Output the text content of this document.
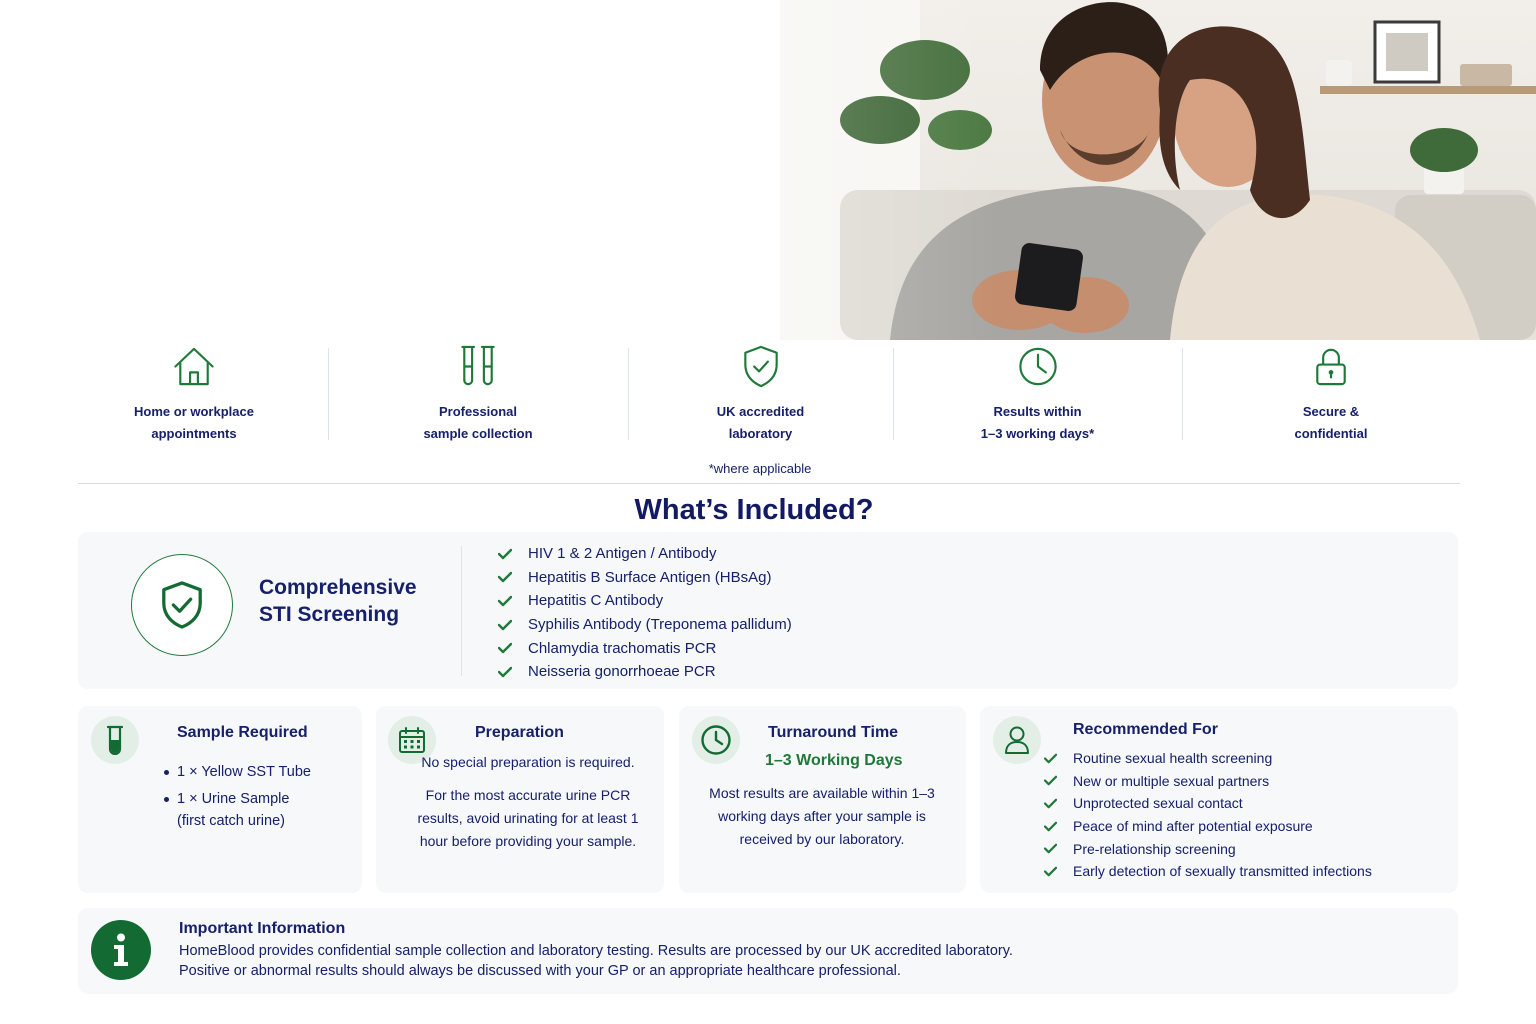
Home or workplace
appointments
Professional
sample collection
UK accredited
laboratory
Results within
1–3 working days*
Secure &
confidential
*where applicable
What’s Included?
Comprehensive
STI Screening
HIV 1 & 2 Antigen / Antibody
Hepatitis B Surface Antigen (HBsAg)
Hepatitis C Antibody
Syphilis Antibody (Treponema pallidum)
Chlamydia trachomatis PCR
Neisseria gonorrhoeae PCR
Sample Required
1 × Yellow SST Tube
1 × Urine Sample
(first catch urine)
Preparation
No special preparation is required.
For the most accurate urine PCR results, avoid urinating for at least 1 hour before providing your sample.
Turnaround Time
1–3 Working Days
Most results are available within 1–3 working days after your sample is received by our laboratory.
Recommended For
Routine sexual health screening
New or multiple sexual partners
Unprotected sexual contact
Peace of mind after potential exposure
Pre-relationship screening
Early detection of sexually transmitted infections
Important Information
HomeBlood provides confidential sample collection and laboratory testing. Results are processed by our UK accredited laboratory.
Positive or abnormal results should always be discussed with your GP or an appropriate healthcare professional.
